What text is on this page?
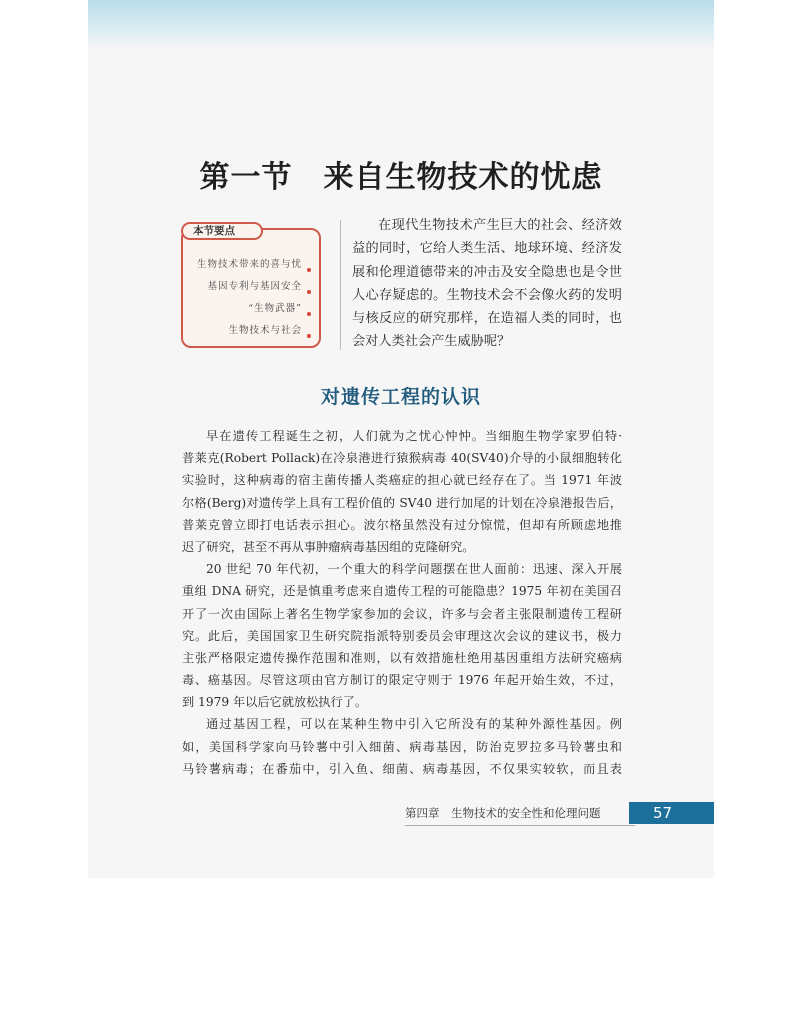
第一节　来自生物技术的忧虑
本节要点
生物技术带来的喜与忧
基因专利与基因安全
“生物武器”
生物技术与社会
在现代生物技术产生巨大的社会、经济效
益的同时，它给人类生活、地球环境、经济发
展和伦理道德带来的冲击及安全隐患也是令世
人心存疑虑的。生物技术会不会像火药的发明
与核反应的研究那样，在造福人类的同时，也
会对人类社会产生威胁呢？
对遗传工程的认识
早在遗传工程诞生之初，人们就为之忧心忡忡。当细胞生物学家罗伯特·
普莱克(Robert Pollack)在冷泉港进行猿猴病毒 40(SV40)介导的小鼠细胞转化
实验时，这种病毒的宿主菌传播人类癌症的担心就已经存在了。当 1971 年波
尔格(Berg)对遗传学上具有工程价值的 SV40 进行加尾的计划在冷泉港报告后，
普莱克曾立即打电话表示担心。波尔格虽然没有过分惊慌，但却有所顾虑地推
迟了研究，甚至不再从事肿瘤病毒基因组的克隆研究。
20 世纪 70 年代初，一个重大的科学问题摆在世人面前：迅速、深入开展
重组 DNA 研究，还是慎重考虑来自遗传工程的可能隐患？1975 年初在美国召
开了一次由国际上著名生物学家参加的会议，许多与会者主张限制遗传工程研
究。此后，美国国家卫生研究院指派特别委员会审理这次会议的建议书，极力
主张严格限定遗传操作范围和准则，以有效措施杜绝用基因重组方法研究癌病
毒、癌基因。尽管这项由官方制订的限定守则于 1976 年起开始生效，不过，
到 1979 年以后它就放松执行了。
通过基因工程，可以在某种生物中引入它所没有的某种外源性基因。例
如，美国科学家向马铃薯中引入细菌、病毒基因，防治克罗拉多马铃薯虫和
马铃薯病毒；在番茄中，引入鱼、细菌、病毒基因，不仅果实较软，而且表
第四章　生物技术的安全性和伦理问题	57
